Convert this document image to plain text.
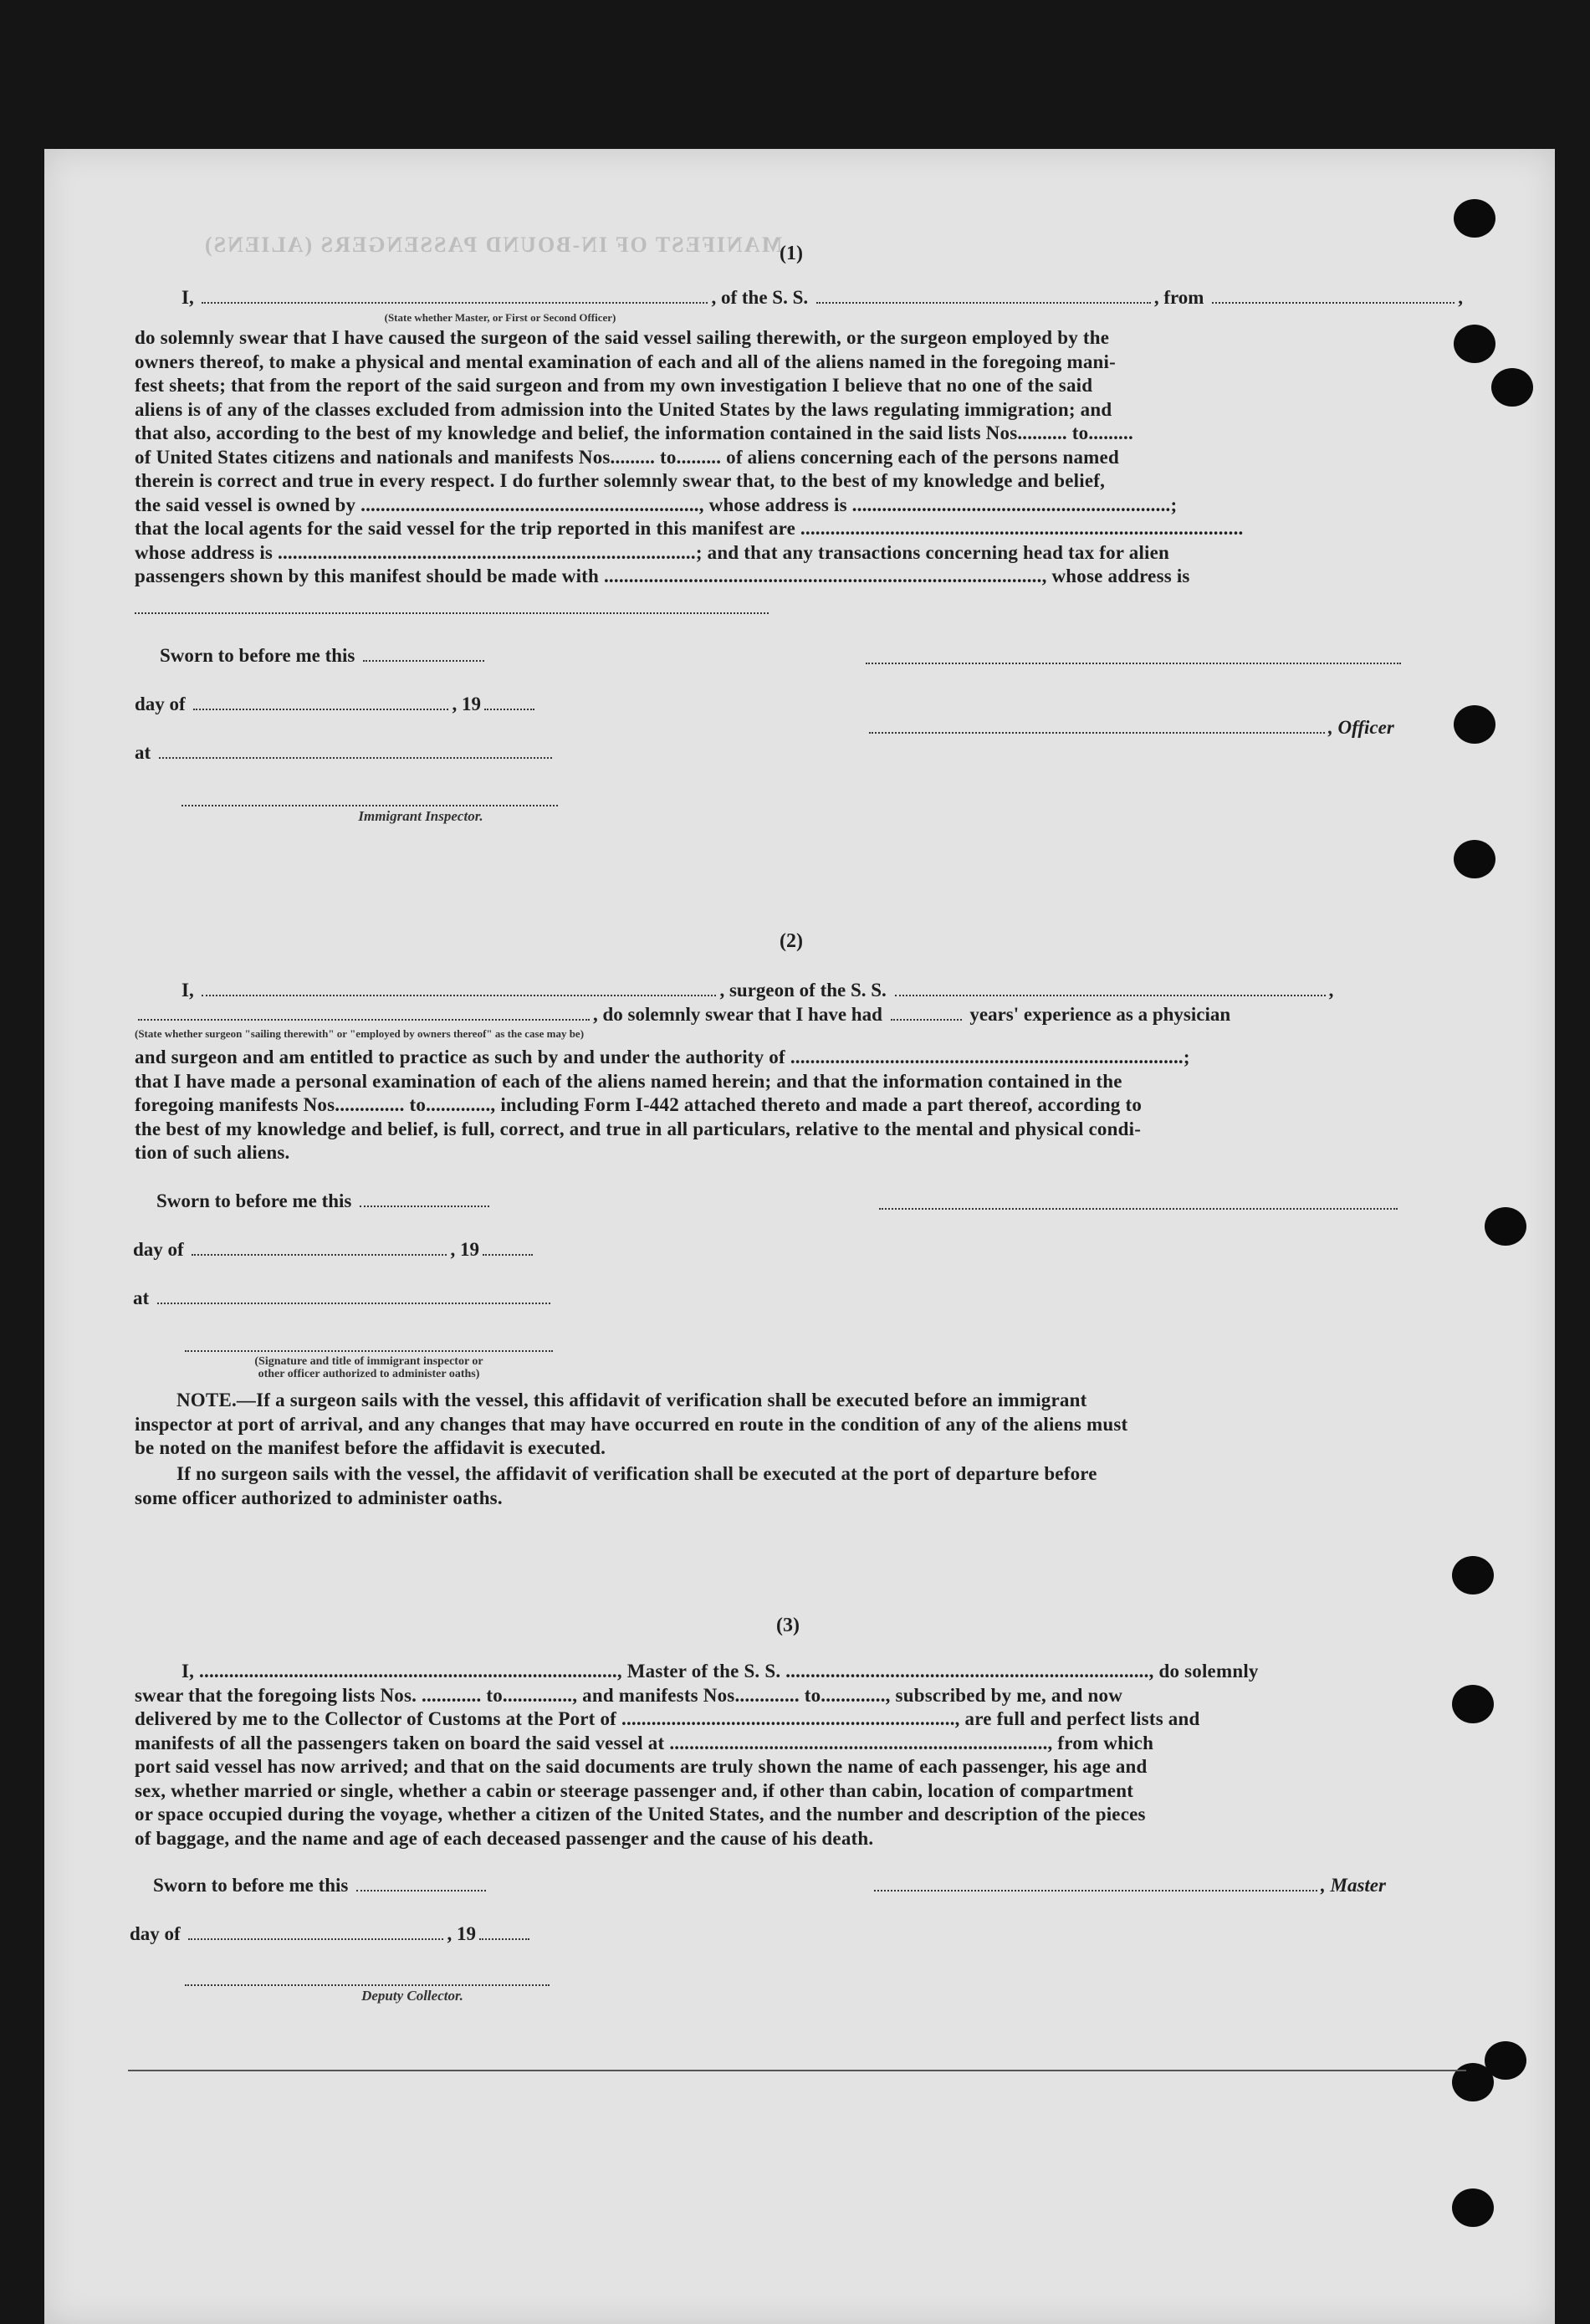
MANIFEST OF IN-BOUND PASSENGERS (ALIENS)
(1)
I,	, of the S. S.	, from	,
(State whether Master, or First or Second Officer)
do solemnly swear that I have caused the surgeon of the said vessel sailing therewith, or the surgeon employed by the
owners thereof, to make a physical and mental examination of each and all of the aliens named in the foregoing mani-
fest sheets; that from the report of the said surgeon and from my own investigation I believe that no one of the said
aliens is of any of the classes excluded from admission into the United States by the laws regulating immigration; and
that also, according to the best of my knowledge and belief, the information contained in the said lists Nos.......... to.........
of United States citizens and nationals and manifests Nos......... to......... of aliens concerning each of the persons named
therein is correct and true in every respect. I do further solemnly swear that, to the best of my knowledge and belief,
the said vessel is owned by ...................................................................., whose address is ................................................................;
that the local agents for the said vessel for the trip reported in this manifest are .........................................................................................
whose address is ....................................................................................; and that any transactions concerning head tax for alien
passengers shown by this manifest should be made with ........................................................................................, whose address is
Sworn to before me this
day of	, 19
, Officer
at
Immigrant Inspector.
(2)
I,	, surgeon of the S. S.	,
, do solemnly swear that I have had	years' experience as a physician
(State whether surgeon "sailing therewith" or "employed by owners thereof" as the case may be)
and surgeon and am entitled to practice as such by and under the authority of ...............................................................................;
that I have made a personal examination of each of the aliens named herein; and that the information contained in the
foregoing manifests Nos.............. to............., including Form I-442 attached thereto and made a part thereof, according to
the best of my knowledge and belief, is full, correct, and true in all particulars, relative to the mental and physical condi-
tion of such aliens.
Sworn to before me this
day of	, 19
at
(Signature and title of immigrant inspector or
other officer authorized to administer oaths)
NOTE.—If a surgeon sails with the vessel, this affidavit of verification shall be executed before an immigrant
inspector at port of arrival, and any changes that may have occurred en route in the condition of any of the aliens must
be noted on the manifest before the affidavit is executed.
If no surgeon sails with the vessel, the affidavit of verification shall be executed at the port of departure before
some officer authorized to administer oaths.
(3)
I, ...................................................................................., Master of the S. S. ........................................................................., do solemnly
swear that the foregoing lists Nos. ............ to.............., and manifests Nos............. to............., subscribed by me, and now
delivered by me to the Collector of Customs at the Port of ..................................................................., are full and perfect lists and
manifests of all the passengers taken on board the said vessel at ............................................................................, from which
port said vessel has now arrived; and that on the said documents are truly shown the name of each passenger, his age and
sex, whether married or single, whether a cabin or steerage passenger and, if other than cabin, location of compartment
or space occupied during the voyage, whether a citizen of the United States, and the number and description of the pieces
of baggage, and the name and age of each deceased passenger and the cause of his death.
Sworn to before me this	, Master
day of	, 19
Deputy Collector.
